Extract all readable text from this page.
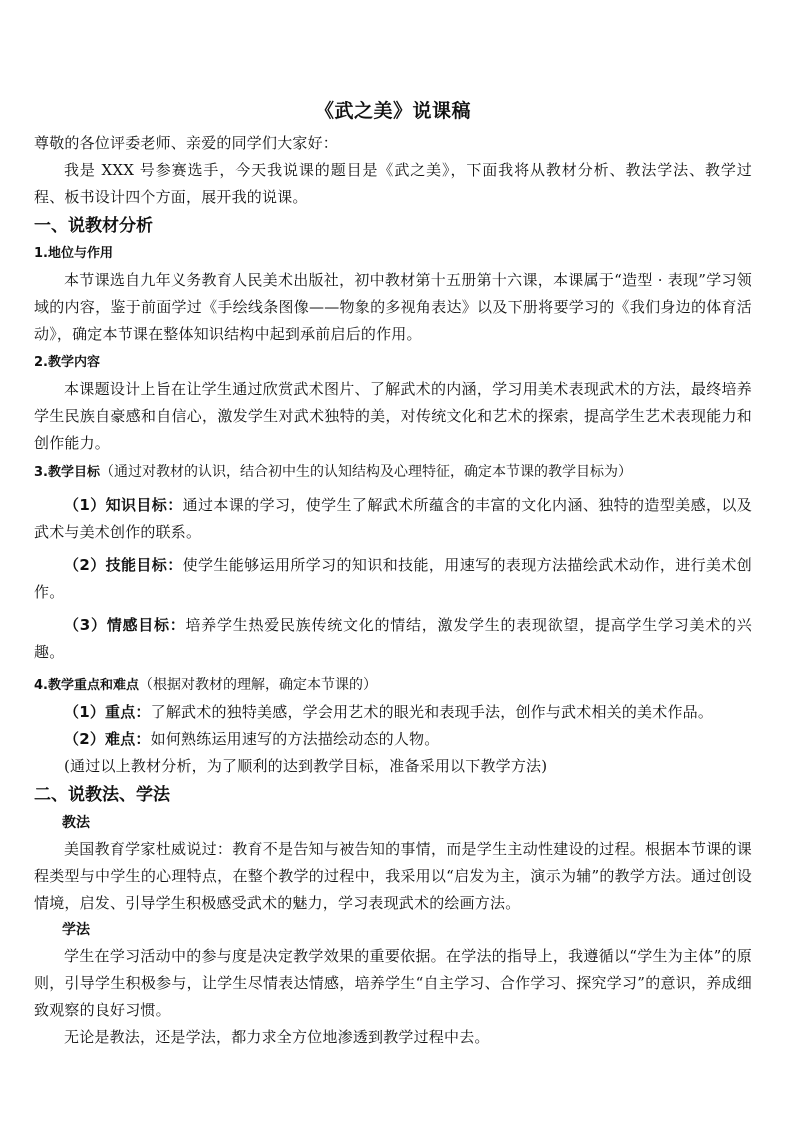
《武之美》说课稿

尊敬的各位评委老师、亲爱的同学们大家好：

我是 XXX 号参赛选手，今天我说课的题目是《武之美》，下面我将从教材分析、教法学法、教学过程、板书设计四个方面，展开我的说课。

一、说教材分析
1.地位与作用

本节课选自九年义务教育人民美术出版社，初中教材第十五册第十六课，本课属于“造型 · 表现”学习领域的内容，鉴于前面学过《手绘线条图像——物象的多视角表达》以及下册将要学习的《我们身边的体育活动》，确定本节课在整体知识结构中起到承前启后的作用。

2.教学内容

本课题设计上旨在让学生通过欣赏武术图片、了解武术的内涵，学习用美术表现武术的方法，最终培养学生民族自豪感和自信心，激发学生对武术独特的美，对传统文化和艺术的探索，提高学生艺术表现能力和创作能力。

3.教学目标（通过对教材的认识，结合初中生的认知结构及心理特征，确定本节课的教学目标为）

（1）知识目标：通过本课的学习，使学生了解武术所蕴含的丰富的文化内涵、独特的造型美感，以及武术与美术创作的联系。

（2）技能目标：使学生能够运用所学习的知识和技能，用速写的表现方法描绘武术动作，进行美术创作。

（3）情感目标：培养学生热爱民族传统文化的情结，激发学生的表现欲望，提高学生学习美术的兴趣。

4.教学重点和难点（根据对教材的理解，确定本节课的）

（1）重点：了解武术的独特美感，学会用艺术的眼光和表现手法，创作与武术相关的美术作品。

（2）难点：如何熟练运用速写的方法描绘动态的人物。

(通过以上教材分析，为了顺利的达到教学目标，准备采用以下教学方法)

二、说教法、学法
教法

美国教育学家杜威说过：教育不是告知与被告知的事情，而是学生主动性建设的过程。根据本节课的课程类型与中学生的心理特点，在整个教学的过程中，我采用以“启发为主，演示为辅”的教学方法。通过创设情境，启发、引导学生积极感受武术的魅力，学习表现武术的绘画方法。

学法

学生在学习活动中的参与度是决定教学效果的重要依据。在学法的指导上，我遵循以“学生为主体”的原则，引导学生积极参与，让学生尽情表达情感，培养学生“自主学习、合作学习、探究学习”的意识，养成细致观察的良好习惯。

无论是教法，还是学法，都力求全方位地渗透到教学过程中去。
